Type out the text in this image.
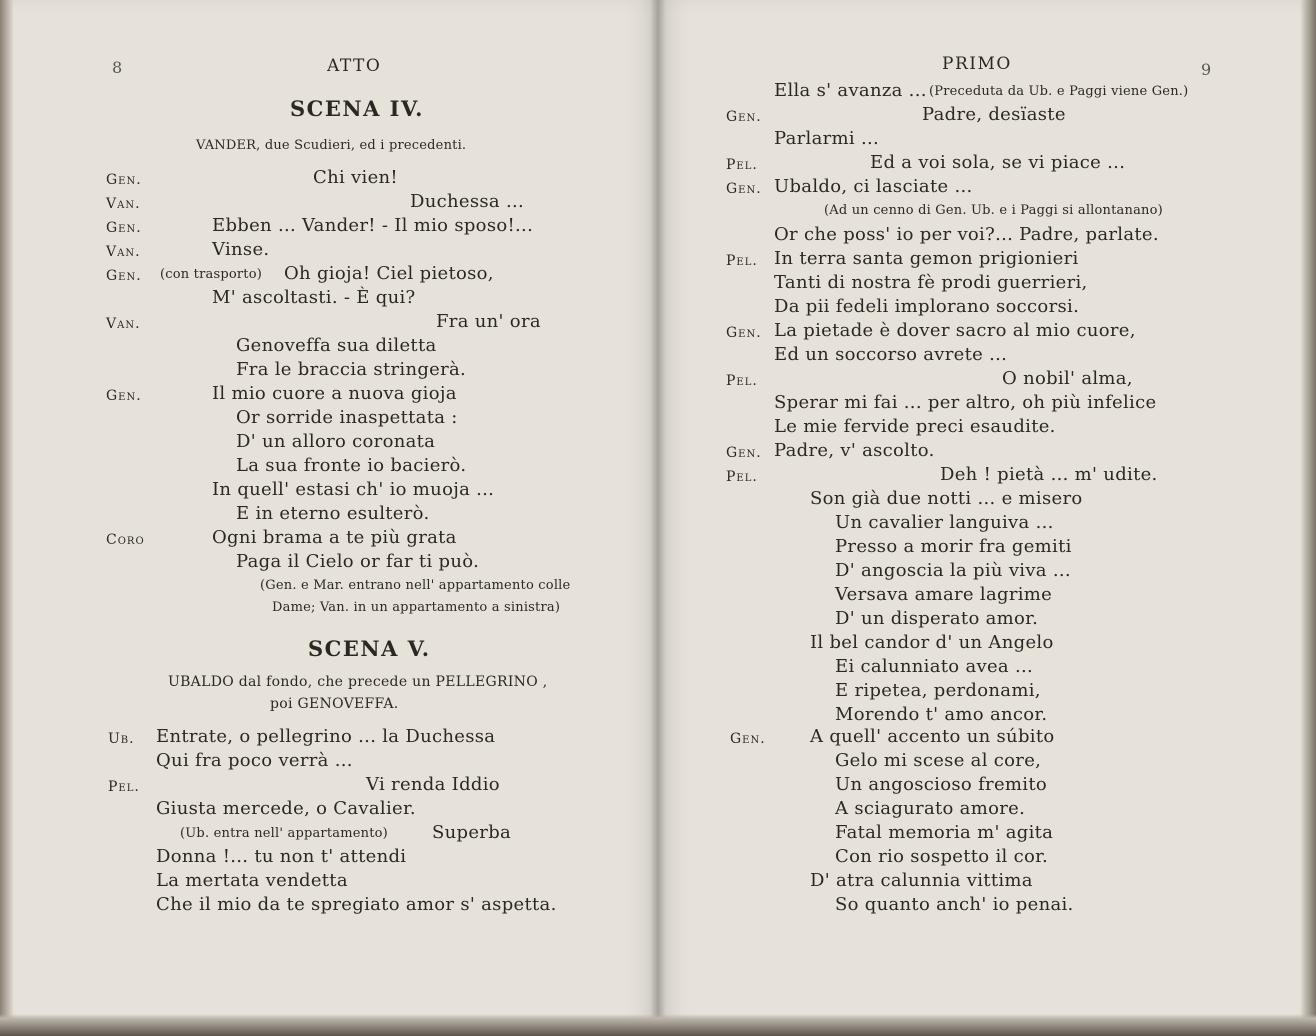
8	ATTO
SCENA IV.
VANDER, due Scudieri, ed i precedenti.
Gen.	Chi vien!
Van.	Duchessa ...
Gen.	Ebben ... Vander! - Il mio sposo!...
Van.	Vinse.
Gen. (con trasporto) Oh gioja! Ciel pietoso,
M' ascoltasti. - È qui?
Van.	Fra un' ora
Genoveffa sua diletta
Fra le braccia stringerà.
Gen.	Il mio cuore a nuova gioja
Or sorride inaspettata :
D' un alloro coronata
La sua fronte io bacierò.
In quell' estasi ch' io muoja ...
E in eterno esulterò.
Coro	Ogni brama a te più grata
Paga il Cielo or far ti può.
(Gen. e Mar. entrano nell' appartamento colle
Dame; Van. in un appartamento a sinistra)
SCENA V.
UBALDO dal fondo, che precede un PELLEGRINO ,
poi GENOVEFFA.
Ub. Entrate, o pellegrino ... la Duchessa
Qui fra poco verrà ...
Pel.	Vi renda Iddio
Giusta mercede, o Cavalier.
(Ub. entra nell' appartamento) Superba
Donna !... tu non t' attendi
La mertata vendetta
Che il mio da te spregiato amor s' aspetta.
PRIMO	9
Ella s' avanza ... (Preceduta da Ub. e Paggi viene Gen.)
Gen.	Padre, desïaste
Parlarmi ...
Pel.	Ed a voi sola, se vi piace ...
Gen. Ubaldo, ci lasciate ...
(Ad un cenno di Gen. Ub. e i Paggi si allontanano)
Or che poss' io per voi?... Padre, parlate.
Pel. In terra santa gemon prigionieri
Tanti di nostra fè prodi guerrieri,
Da pii fedeli implorano soccorsi.
Gen. La pietade è dover sacro al mio cuore,
Ed un soccorso avrete ...
Pel.	O nobil' alma,
Sperar mi fai ... per altro, oh più infelice
Le mie fervide preci esaudite.
Gen. Padre, v' ascolto.
Pel.	Deh ! pietà ... m' udite.
Son già due notti ... e misero
Un cavalier languiva ...
Presso a morir fra gemiti
D' angoscia la più viva ...
Versava amare lagrime
D' un disperato amor.
Il bel candor d' un Angelo
Ei calunniato avea ...
E ripetea, perdonami,
Morendo t' amo ancor.
Gen. A quell' accento un súbito
Gelo mi scese al core,
Un angoscioso fremito
A sciagurato amore.
Fatal memoria m' agita
Con rio sospetto il cor.
D' atra calunnia vittima
So quanto anch' io penai.
